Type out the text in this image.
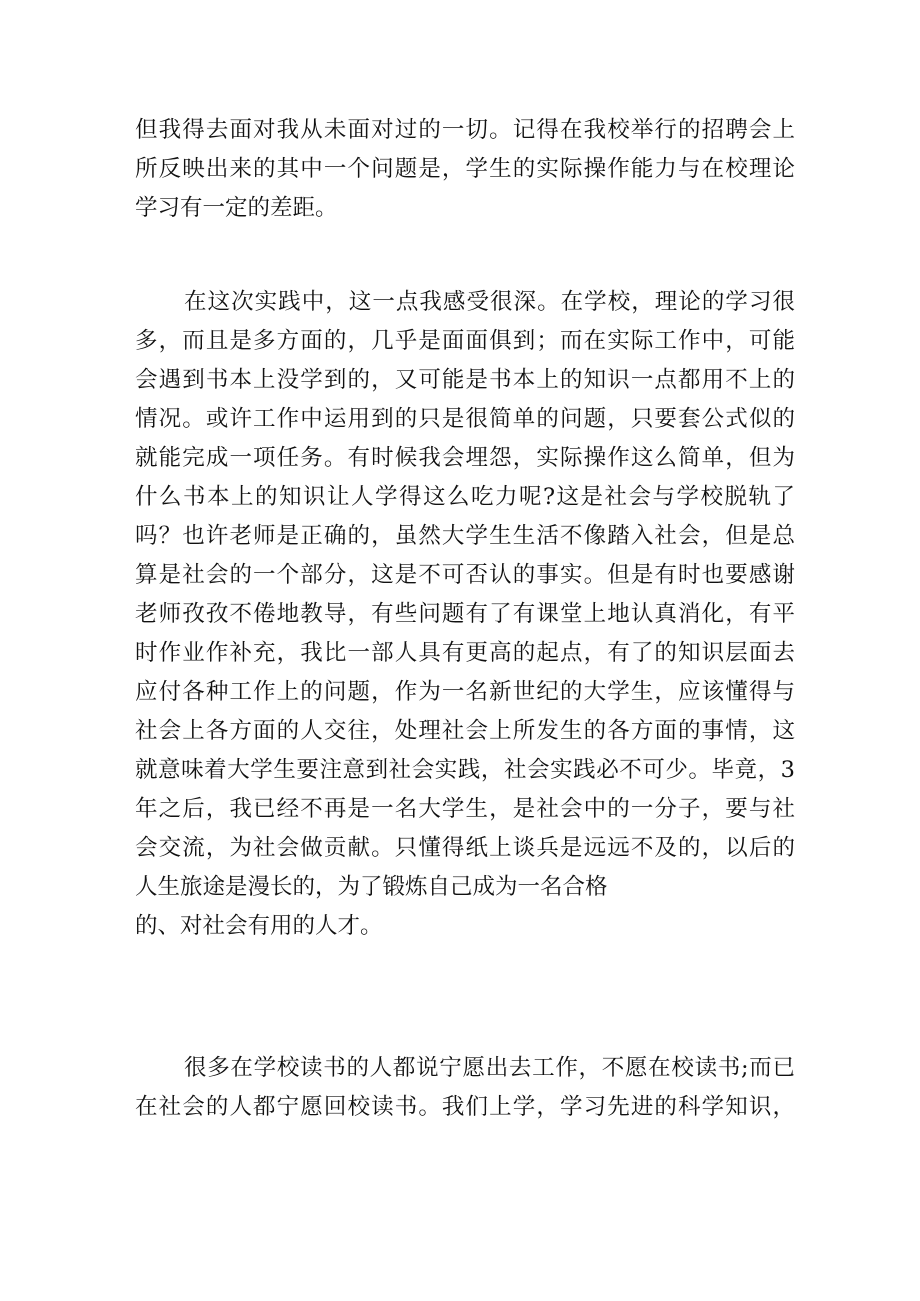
但我得去面对我从未面对过的一切。记得在我校举行的招聘会上
所反映出来的其中一个问题是，学生的实际操作能力与在校理论
学习有一定的差距。
在这次实践中，这一点我感受很深。在学校，理论的学习很
多，而且是多方面的，几乎是面面俱到；而在实际工作中，可能
会遇到书本上没学到的，又可能是书本上的知识一点都用不上的
情况。或许工作中运用到的只是很简单的问题，只要套公式似的
就能完成一项任务。有时候我会埋怨，实际操作这么简单，但为
什么书本上的知识让人学得这么吃力呢?这是社会与学校脱轨了
吗？也许老师是正确的，虽然大学生生活不像踏入社会，但是总
算是社会的一个部分，这是不可否认的事实。但是有时也要感谢
老师孜孜不倦地教导，有些问题有了有课堂上地认真消化，有平
时作业作补充，我比一部人具有更高的起点，有了的知识层面去
应付各种工作上的问题，作为一名新世纪的大学生，应该懂得与
社会上各方面的人交往，处理社会上所发生的各方面的事情，这
就意味着大学生要注意到社会实践，社会实践必不可少。毕竟，3
年之后，我已经不再是一名大学生，是社会中的一分子，要与社
会交流，为社会做贡献。只懂得纸上谈兵是远远不及的，以后的
人生旅途是漫长的，为了锻炼自己成为一名合格
的、对社会有用的人才。
很多在学校读书的人都说宁愿出去工作，不愿在校读书;而已
在社会的人都宁愿回校读书。我们上学，学习先进的科学知识，
